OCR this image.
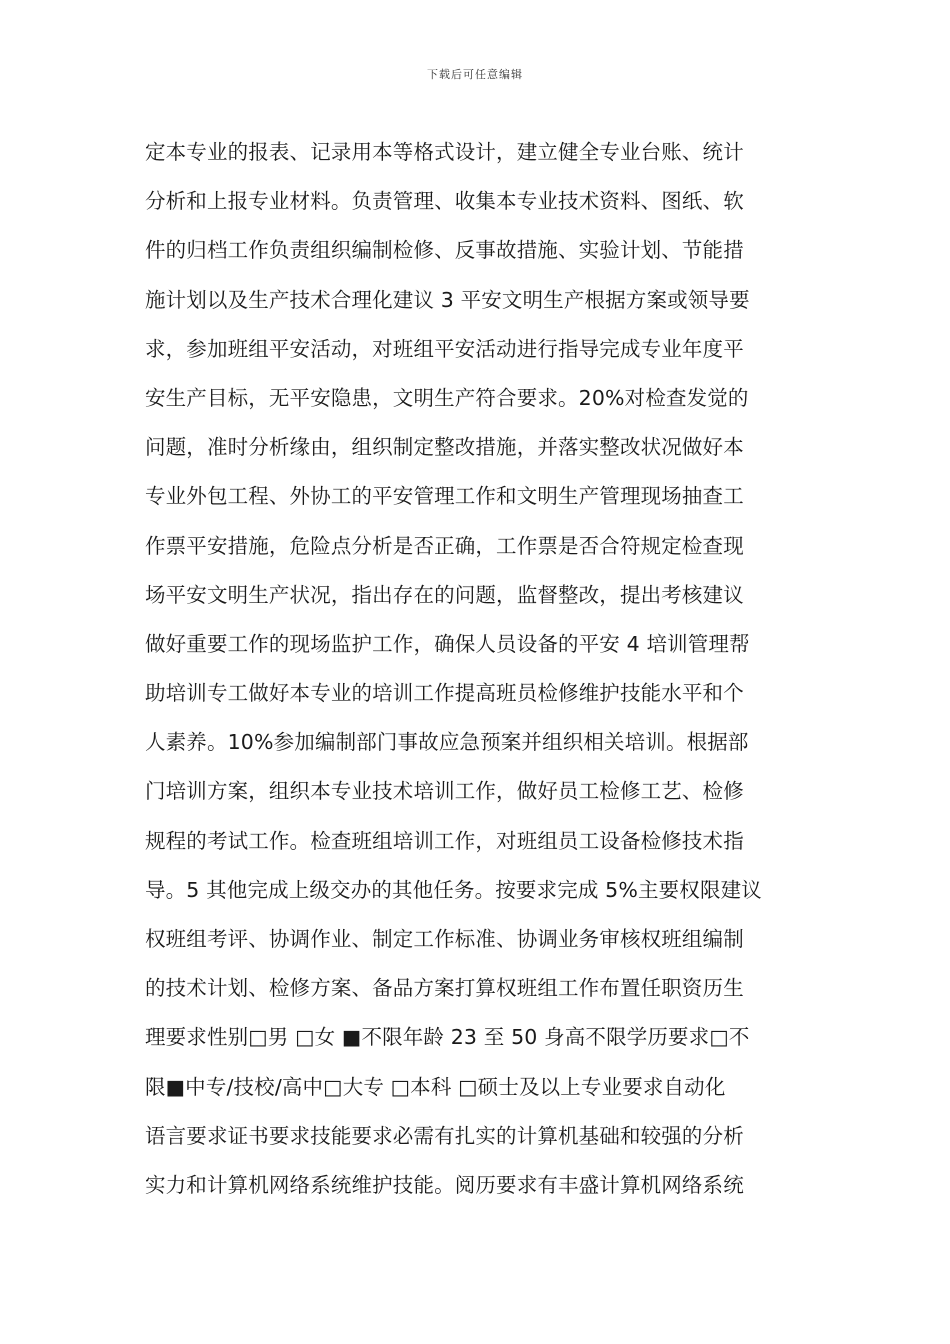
下载后可任意编辑
定本专业的报表、记录用本等格式设计，建立健全专业台账、统计
分析和上报专业材料。负责管理、收集本专业技术资料、图纸、软
件的归档工作负责组织编制检修、反事故措施、实验计划、节能措
施计划以及生产技术合理化建议 3 平安文明生产根据方案或领导要
求，参加班组平安活动，对班组平安活动进行指导完成专业年度平
安生产目标，无平安隐患，文明生产符合要求。20%对检查发觉的
问题，准时分析缘由，组织制定整改措施，并落实整改状况做好本
专业外包工程、外协工的平安管理工作和文明生产管理现场抽查工
作票平安措施，危险点分析是否正确，工作票是否合符规定检查现
场平安文明生产状况，指出存在的问题，监督整改，提出考核建议
做好重要工作的现场监护工作，确保人员设备的平安 4 培训管理帮
助培训专工做好本专业的培训工作提高班员检修维护技能水平和个
人素养。10%参加编制部门事故应急预案并组织相关培训。根据部
门培训方案，组织本专业技术培训工作，做好员工检修工艺、检修
规程的考试工作。检查班组培训工作，对班组员工设备检修技术指
导。5 其他完成上级交办的其他任务。按要求完成 5%主要权限建议
权班组考评、协调作业、制定工作标准、协调业务审核权班组编制
的技术计划、检修方案、备品方案打算权班组工作布置任职资历生
理要求性别□男 □女 ■不限年龄 23 至 50 身高不限学历要求□不
限■中专/技校/高中□大专 □本科 □硕士及以上专业要求自动化
语言要求证书要求技能要求必需有扎实的计算机基础和较强的分析
实力和计算机网络系统维护技能。阅历要求有丰盛计算机网络系统
